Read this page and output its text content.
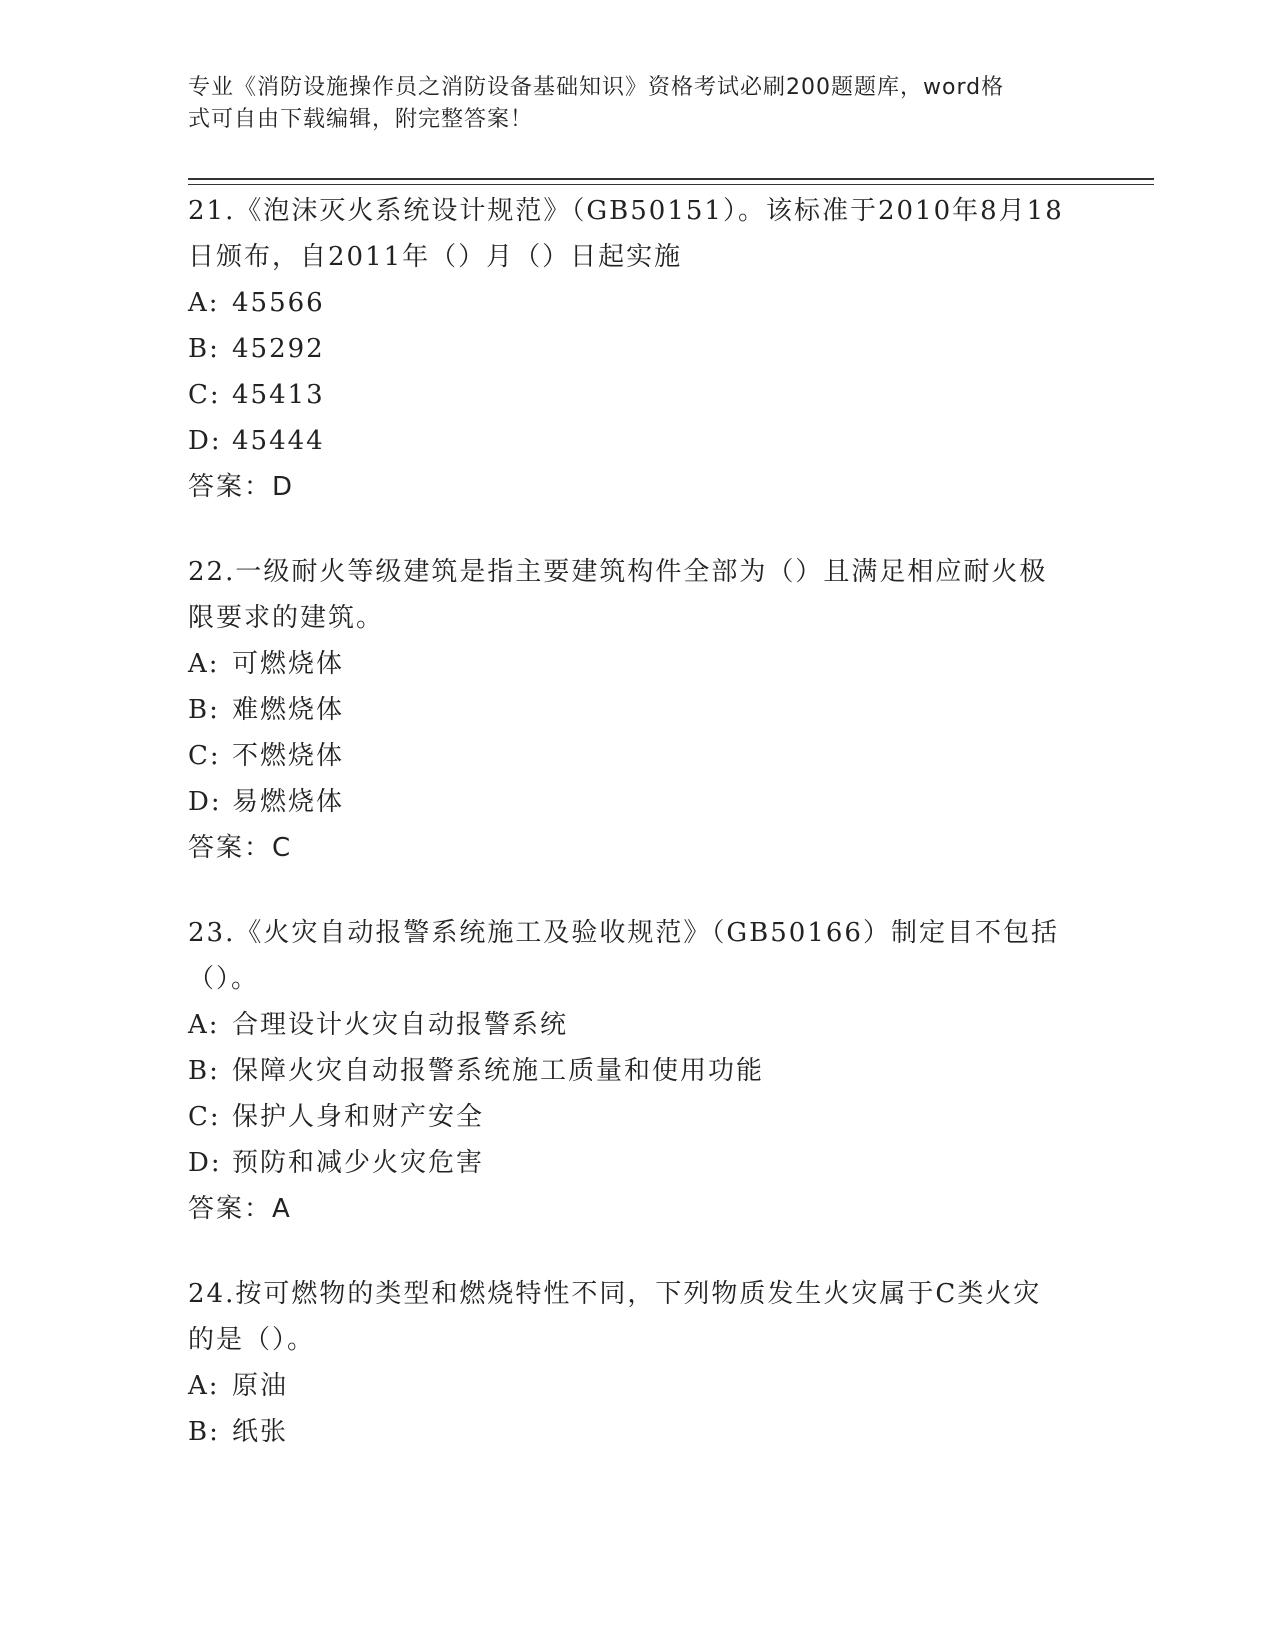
专业《消防设施操作员之消防设备基础知识》资格考试必刷200题题库，word格
式可自由下载编辑，附完整答案！
21.《泡沫灭火系统设计规范》（GB50151）。该标准于2010年8月18
日颁布，自2011年（）月（）日起实施
A: 45566
B: 45292
C: 45413
D: 45444
答案：D
22.一级耐火等级建筑是指主要建筑构件全部为（）且满足相应耐火极
限要求的建筑。
A: 可燃烧体
B: 难燃烧体
C: 不燃烧体
D: 易燃烧体
答案：C
23.《火灾自动报警系统施工及验收规范》（GB50166）制定目不包括
（）。
A: 合理设计火灾自动报警系统
B: 保障火灾自动报警系统施工质量和使用功能
C: 保护人身和财产安全
D: 预防和减少火灾危害
答案：A
24.按可燃物的类型和燃烧特性不同，下列物质发生火灾属于C类火灾
的是（）。
A: 原油
B: 纸张
